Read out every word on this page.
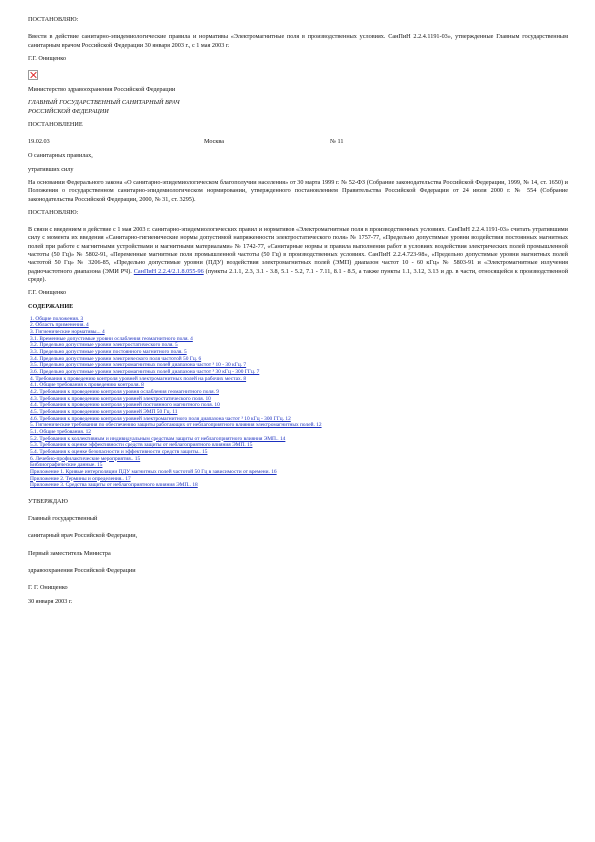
ПОСТАНОВЛЯЮ:

Ввести в действие санитарно-эпидемиологические правила и нормативы «Электромагнитные поля в производственных условиях. СанПиН 2.2.4.1191-03», утвержденные Главным государственным санитарным врачом Российской Федерации 30 января 2003 г., с 1 мая 2003 г.

Г.Г. Онищенко

Министерство здравоохранения Российской Федерации

ГЛАВНЫЙ ГОСУДАРСТВЕННЫЙ САНИТАРНЫЙ ВРАЧ

РОССИЙСКОЙ ФЕДЕРАЦИИ

ПОСТАНОВЛЕНИЕ

19.02.03	Москва	№ 11

О санитарных правилах,

утративших силу

На основании Федерального закона «О санитарно-эпидемиологическом благополучии населения» от 30 марта 1999 г. № 52-ФЗ (Собрание законодательства Российской Федерации, 1999, № 14, ст. 1650) и Положения о государственном санитарно-эпидемиологическом нормировании, утвержденного постановлением Правительства Российской Федерации от 24 июля 2000 г. № 554 (Собрание законодательства Российской Федерации, 2000, № 31, ст. 3295).

ПОСТАНОВЛЯЮ:

В связи с введением в действие с 1 мая 2003 г. санитарно-эпидемиологических правил и нормативов «Электромагнитные поля в производственных условиях. СанПиН 2.2.4.1191-03» считать утратившими силу с момента их введения «Санитарно-гигиенические нормы допустимой напряженности электростатического поля» № 1757-77, «Предельно допустимые уровни воздействия постоянных магнитных полей при работе с магнитными устройствами и магнитными материалами» № 1742-77, «Санитарные нормы и правила выполнения работ в условиях воздействия электрических полей промышленной частоты (50 Гц)» № 5802-91, «Переменные магнитные поля промышленной частоты (50 Гц) в производственных условиях. СанПиН 2.2.4.723-98», «Предельно допустимые уровни магнитных полей частотой 50 Гц» № 3206-85, «Предельно допустимые уровни (ПДУ) воздействия электромагнитных полей (ЭМП) диапазон частот 10 - 60 кГц» № 5803-91 и «Электромагнитные излучения радиочастотного диапазона (ЭМИ РЧ). СанПиН 2.2.4/2.1.8.055-96 (пункты 2.1.1, 2.3, 3.1 - 3.8, 5.1 - 5.2, 7.1 - 7.11, 8.1 - 8.5, а также пункты 1.1, 3.12, 3.13 и др. в части, относящейся к производственной среде).

Г.Г. Онищенко

СОДЕРЖАНИЕ

1. Общие положения. 3
2. Область применения. 4
3. Гигиенические нормативы... 4
3.1. Временные допустимые уровни ослабления геомагнитного поля. 4
3.2. Предельно допустимые уровни электростатического поля. 5
3.3. Предельно допустимые уровни постоянного магнитного поля. 5
3.4. Предельно допустимые уровни электрического поля частотой 50 Гц. 6
3.5. Предельно допустимые уровни электромагнитных полей диапазона частот ³ 10 - 30 кГц. 7
3.6. Предельно допустимые уровни электромагнитных полей диапазона частот ³ 30 кГц - 300 ГГц. 7
4. Требования к проведению контроля уровней электромагнитных полей на рабочих местах. 8
4.1. Общие требования к проведению контроля. 8
4.2. Требования к проведению контроля уровня ослабления геомагнитного поля. 9
4.3. Требования к проведению контроля уровней электростатического поля. 10
4.4. Требования к проведению контроля уровней постоянного магнитного поля. 10
4.5. Требования к проведению контроля уровней ЭМП 50 Гц. 11
4.6. Требования к проведению контроля уровней электромагнитного поля диапазона частот ³ 10 кГц - 300 ГГц. 12
5. Гигиенические требования по обеспечению защиты работающих от неблагоприятного влияния электромагнитных полей. 12
5.1. Общие требования. 12
5.2. Требования к коллективным и индивидуальным средствам защиты от неблагоприятного влияния ЭМП.. 14
5.3. Требования к оценке эффективности средств защиты от неблагоприятного влияния ЭМП. 15
5.4. Требования к оценке безопасности и эффективности средств защиты.. 15
6. Лечебно-профилактические мероприятия.. 15
Библиографические данные. 15
Приложение 1. Кривые интерполяции ПДУ магнитных полей частотой 50 Гц в зависимости от времени. 16
Приложение 2. Термины и определения.. 17
Приложение 3. Средства защиты от неблагоприятного влияния ЭМП.. 18

УТВЕРЖДАЮ

Главный государственный

санитарный врач Российской Федерации,

Первый заместитель Министра

здравоохранения Российской Федерации

Г. Г. Онищенко

30 января 2003 г.
